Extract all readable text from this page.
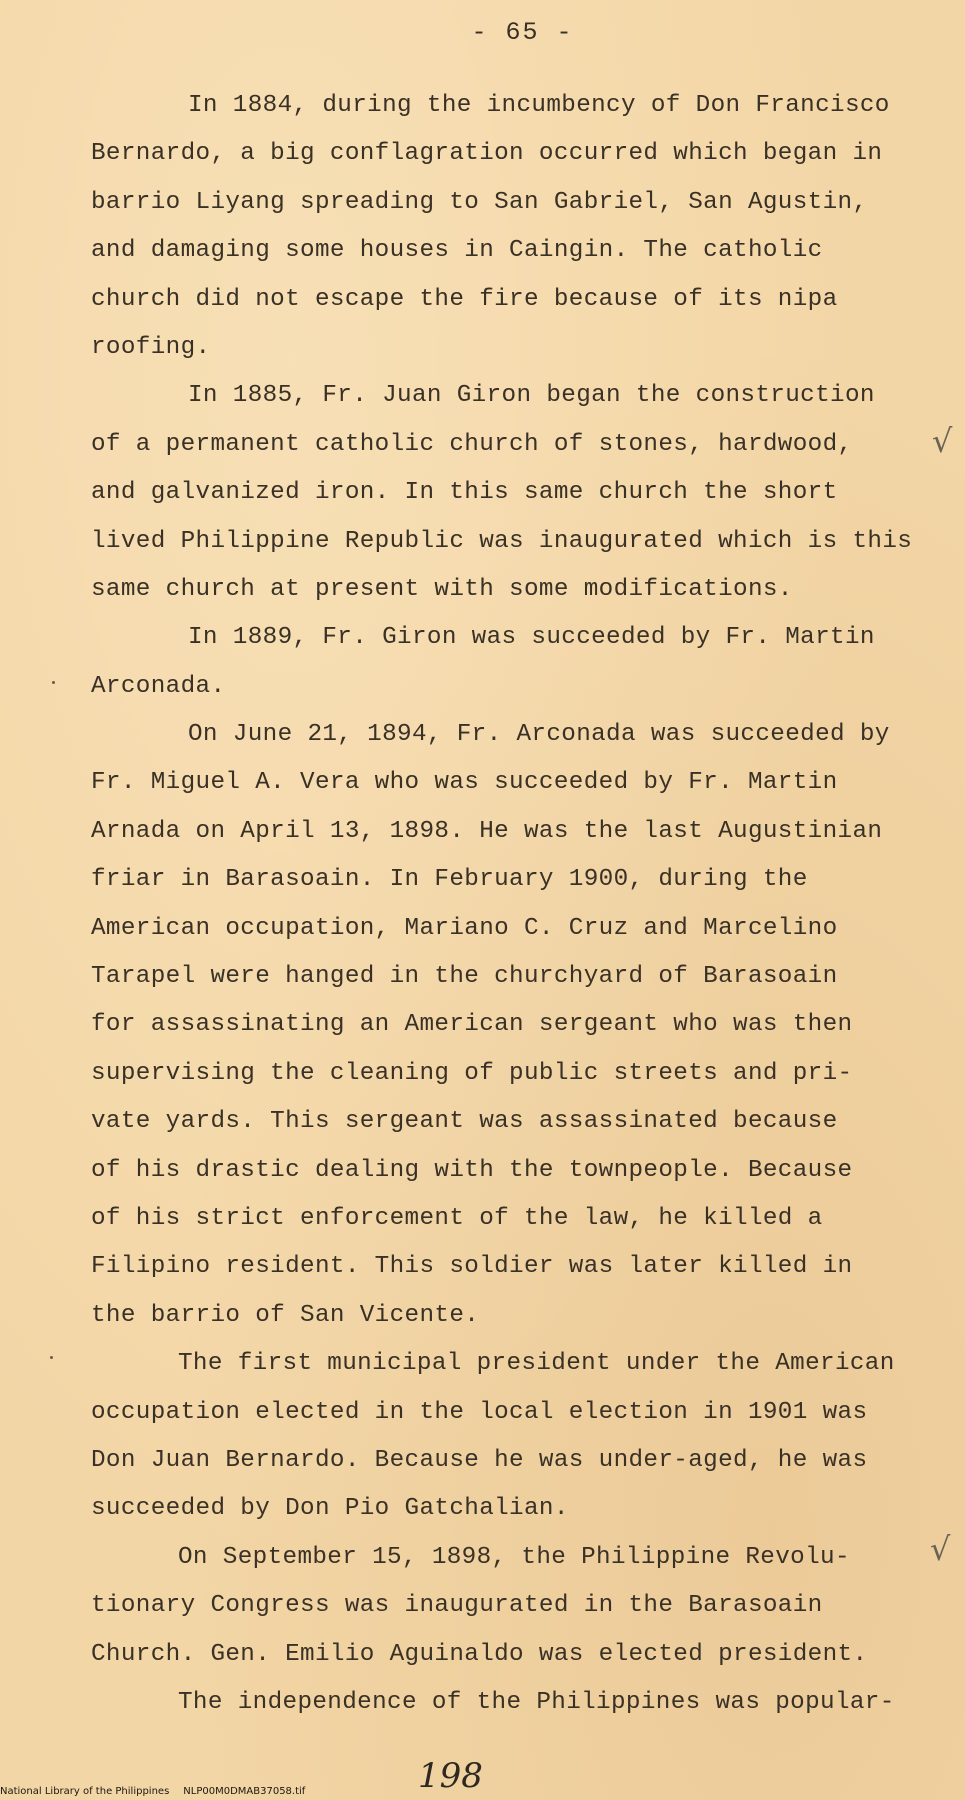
- 65 -
In 1884, during the incumbency of Don Francisco
Bernardo, a big conflagration occurred which began in
barrio Liyang spreading to San Gabriel, San Agustin,
and damaging some houses in Caingin. The catholic
church did not escape the fire because of its nipa
roofing.
In 1885, Fr. Juan Giron began the construction
of a permanent catholic church of stones, hardwood,
and galvanized iron. In this same church the short
lived Philippine Republic was inaugurated which is this
same church at present with some modifications.
In 1889, Fr. Giron was succeeded by Fr. Martin
Arconada.
On June 21, 1894, Fr. Arconada was succeeded by
Fr. Miguel A. Vera who was succeeded by Fr. Martin
Arnada on April 13, 1898. He was the last Augustinian
friar in Barasoain. In February 1900, during the
American occupation, Mariano C. Cruz and Marcelino
Tarapel were hanged in the churchyard of Barasoain
for assassinating an American sergeant who was then
supervising the cleaning of public streets and pri-
vate yards. This sergeant was assassinated because
of his drastic dealing with the townpeople. Because
of his strict enforcement of the law, he killed a
Filipino resident. This soldier was later killed in
the barrio of San Vicente.
The first municipal president under the American
occupation elected in the local election in 1901 was
Don Juan Bernardo. Because he was under-aged, he was
succeeded by Don Pio Gatchalian.
On September 15, 1898, the Philippine Revolu-
tionary Congress was inaugurated in the Barasoain
Church. Gen. Emilio Aguinaldo was elected president.
The independence of the Philippines was popular-
√
√
198
National Library of the Philippines NLP00M0DMAB37058.tif
